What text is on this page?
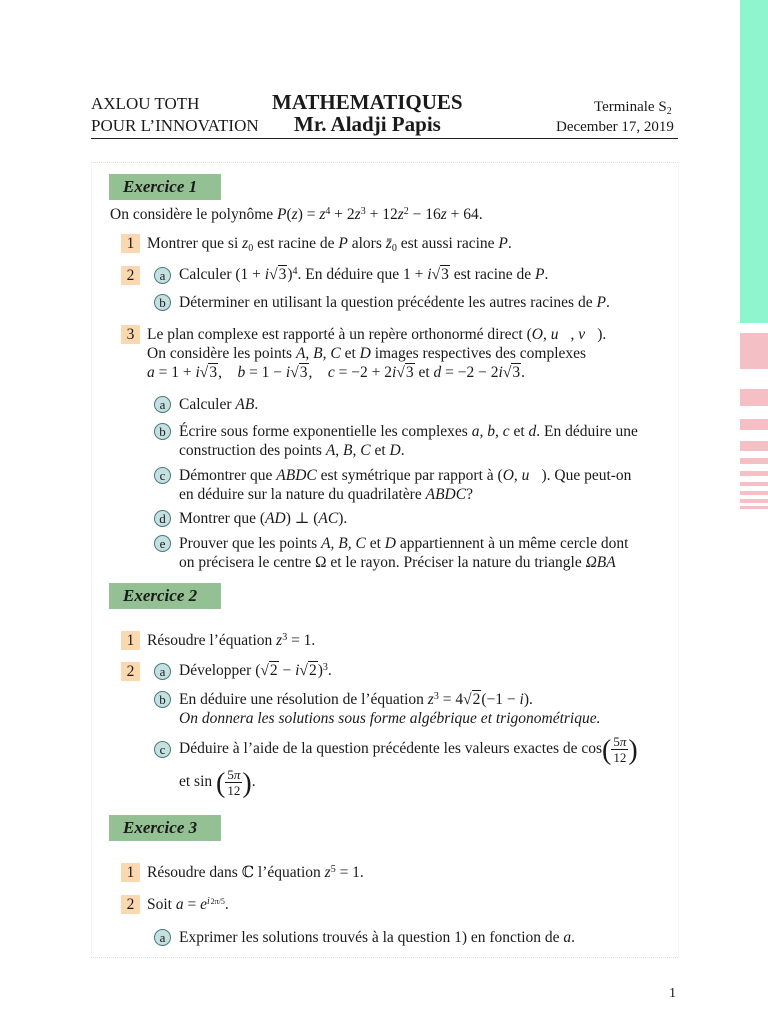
AXLOU TOTH
POUR L’INNOVATION
MATHEMATIQUES
Mr. Aladji Papis
Terminale $S_2$
December 17, 2019
Exercice 1
On considère le polynôme $P(z) = z^4 + 2z^3 + 12z^2 - 16z + 64$.
1 Montrer que si $z_0$ est racine de P alors $z̄_0$ est aussi racine P.
2	a Calculer $(1 + i√3)^4$. En déduire que 1 + i√3 est racine de P.
b Déterminer en utilisant la question précédente les autres racines de P.
3 Le plan complexe est rapporté à un repère orthonormé direct (O, u⃗, v⃗).
On considère les points A, B, C et D images respectives des complexes
a = 1 + i√3,    b = 1 − i√3,    c = −2 + 2i√3 et d = −2 − 2i√3.
a Calculer AB.
b Écrire sous forme exponentielle les complexes a, b, c et d. En déduire une
construction des points A, B, C et D.
c Démontrer que ABDC est symétrique par rapport à (O, u⃗). Que peut-on
en déduire sur la nature du quadrilatère ABDC?
d Montrer que (AD) ⊥ (AC).
e Prouver que les points A, B, C et D appartiennent à un même cercle dont
on précisera le centre Ω et le rayon. Préciser la nature du triangle ΩBA
Exercice 2
1 Résoudre l’équation $z^3 = 1$.
2	a Développer $(√2 - i√2)^3$.
b En déduire une résolution de l’équation $z^3 = 4√2(-1 - i)$.
On donnera les solutions sous forme algébrique et trigonométrique.
c Déduire à l’aide de la question précédente les valeurs exactes de $\cos( \frac{5\pi}{12}$ )
et sin ( $\frac{5\pi}{12}$ ).
Exercice 3
1 Résoudre dans ℂ l’équation $z^5 = 1$.
2 Soit $a = e^{i 2\pi/5}$.
a Exprimer les solutions trouvés à la question 1) en fonction de a.
1
